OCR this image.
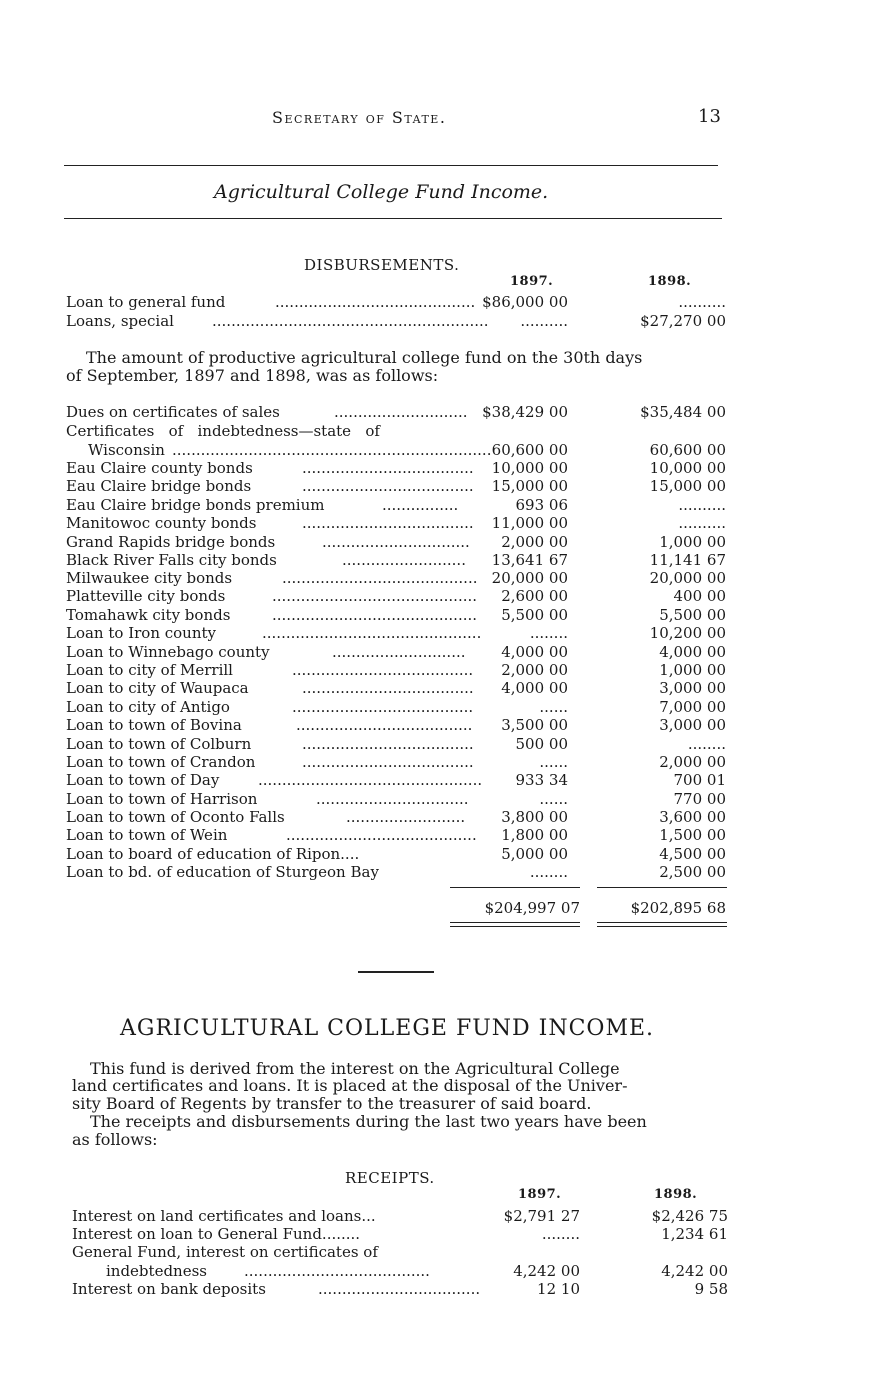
Secretary of State.	13
Agricultural College Fund Income.
DISBURSEMENTS.
1897.	1898.
Loan to general fund	.......................................... $86,000 00	..........
Loans, special	.......................................................... ..........	$27,270 00
The amount of productive agricultural college fund on the 30th days
of September, 1897 and 1898, was as follows:
Dues on certificates of sales	............................ $38,429 00	$35,484 00
Certificates   of   indebtedness—state   of
Wisconsin ................................................................... 60,600 00	60,600 00
Eau Claire county bonds	.................................... 10,000 00	10,000 00
Eau Claire bridge bonds	.................................... 15,000 00	15,000 00
Eau Claire bridge bonds premium	................	693 06	..........
Manitowoc county bonds	.................................... 11,000 00	..........
Grand Rapids bridge bonds	............................... 2,000 00	1,000 00
Black River Falls city bonds	.......................... 13,641 67	11,141 67
Milwaukee city bonds	......................................... 20,000 00	20,000 00
Platteville city bonds	........................................... 2,600 00	400 00
Tomahawk city bonds	........................................... 5,500 00	5,500 00
Loan to Iron county	..............................................	........	10,200 00
Loan to Winnebago county	............................ 4,000 00	4,000 00
Loan to city of Merrill	...................................... 2,000 00	1,000 00
Loan to city of Waupaca	.................................... 4,000 00	3,000 00
Loan to city of Antigo	......................................	......	7,000 00
Loan to town of Bovina	..................................... 3,500 00	3,000 00
Loan to town of Colburn	....................................	500 00	........
Loan to town of Crandon	....................................	......	2,000 00
Loan to town of Day	............................................... 933 34	700 01
Loan to town of Harrison	................................	......	770 00
Loan to town of Oconto Falls	......................... 3,800 00	3,600 00
Loan to town of Wein	........................................ 1,800 00	1,500 00
Loan to board of education of Ripon....	5,000 00	4,500 00
Loan to bd. of education of Sturgeon Bay	........	2,500 00
$204,997 07	$202,895 68
AGRICULTURAL COLLEGE FUND INCOME.
This fund is derived from the interest on the Agricultural College
land certificates and loans. It is placed at the disposal of the Univer-
sity Board of Regents by transfer to the treasurer of said board.
The receipts and disbursements during the last two years have been
as follows:
RECEIPTS.
1897.	1898.
Interest on land certificates and loans...	$2,791 27	$2,426 75
Interest on loan to General Fund........	........	1,234 61
General Fund, interest on certificates of
indebtedness .......................................	4,242 00	4,242 00
Interest on bank deposits	..................................	12 10	9 58
